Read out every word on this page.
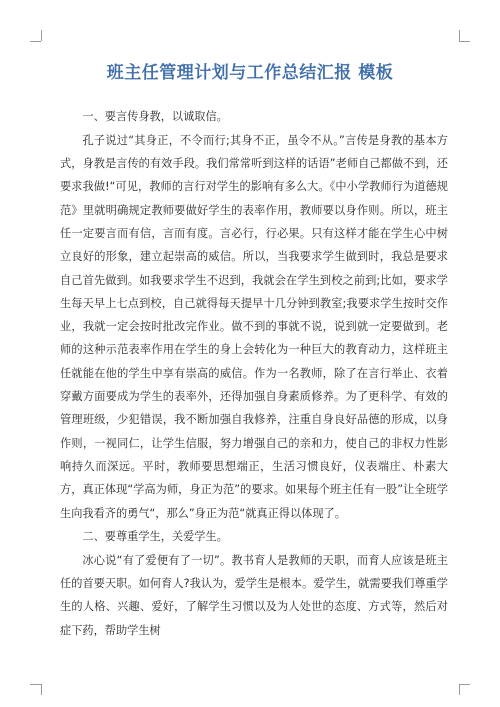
班主任管理计划与工作总结汇报 模板

一、要言传身教，以诚取信。

孔子说过“其身正，不令而行;其身不正，虽令不从。”言传是身教的基本方式，身教是言传的有效手段。我们常常听到这样的话语”老师自己都做不到，还要求我做!“可见，教师的言行对学生的影响有多么大。《中小学教师行为道德规范》里就明确规定教师要做好学生的表率作用，教师要以身作则。所以，班主任一定要言而有信，言而有度。言必行，行必果。只有这样才能在学生心中树立良好的形象，建立起崇高的威信。所以，当我要求学生做到时，我总是要求自己首先做到。如我要求学生不迟到，我就会在学生到校之前到;比如，要求学生每天早上七点到校，自己就得每天提早十几分钟到教室;我要求学生按时交作业，我就一定会按时批改完作业。做不到的事就不说，说到就一定要做到。老师的这种示范表率作用在学生的身上会转化为一种巨大的教育动力，这样班主任就能在他的学生中享有崇高的威信。作为一名教师，除了在言行举止、衣着穿戴方面要成为学生的表率外，还得加强自身素质修养。为了更科学、有效的管理班级，少犯错误，我不断加强自我修养，注重自身良好品德的形成，以身作则，一视同仁，让学生信服，努力增强自己的亲和力，使自己的非权力性影响持久而深远。平时，教师要思想端正，生活习惯良好，仪表端庄、朴素大方，真正体现“学高为师，身正为范”的要求。如果每个班主任有一股”让全班学生向我看齐的勇气“，那么”身正为范“就真正得以体现了。

二、要尊重学生，关爱学生。

冰心说“有了爱便有了一切”。教书育人是教师的天职，而育人应该是班主任的首要天职。如何育人?我认为，爱学生是根本。爱学生，就需要我们尊重学生的人格、兴趣、爱好，了解学生习惯以及为人处世的态度、方式等，然后对症下药，帮助学生树
